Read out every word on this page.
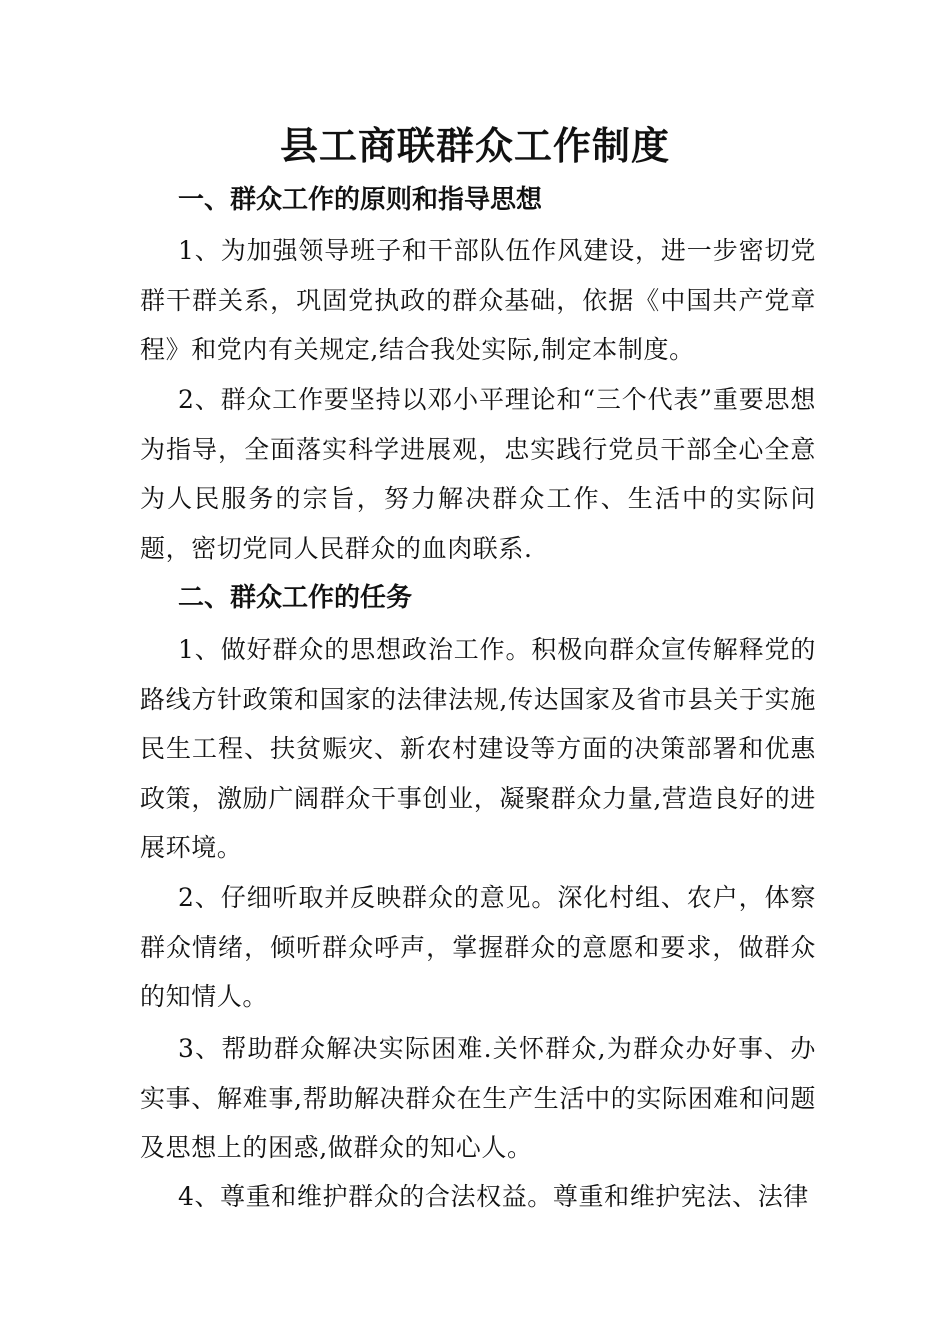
县工商联群众工作制度
一、群众工作的原则和指导思想

1、为加强领导班子和干部队伍作风建设，进一步密切党群干群关系，巩固党执政的群众基础，依据《中国共产党章程》和党内有关规定,结合我处实际,制定本制度。

2、群众工作要坚持以邓小平理论和“三个代表”重要思想为指导，全面落实科学进展观，忠实践行党员干部全心全意为人民服务的宗旨，努力解决群众工作、生活中的实际问题，密切党同人民群众的血肉联系.

二、群众工作的任务

1、做好群众的思想政治工作。积极向群众宣传解释党的路线方针政策和国家的法律法规,传达国家及省市县关于实施民生工程、扶贫赈灾、新农村建设等方面的决策部署和优惠政策，激励广阔群众干事创业，凝聚群众力量,营造良好的进展环境。

2、仔细听取并反映群众的意见。深化村组、农户，体察群众情绪，倾听群众呼声，掌握群众的意愿和要求，做群众的知情人。

3、帮助群众解决实际困难.关怀群众,为群众办好事、办实事、解难事,帮助解决群众在生产生活中的实际困难和问题及思想上的困惑,做群众的知心人。

4、尊重和维护群众的合法权益。尊重和维护宪法、法律
